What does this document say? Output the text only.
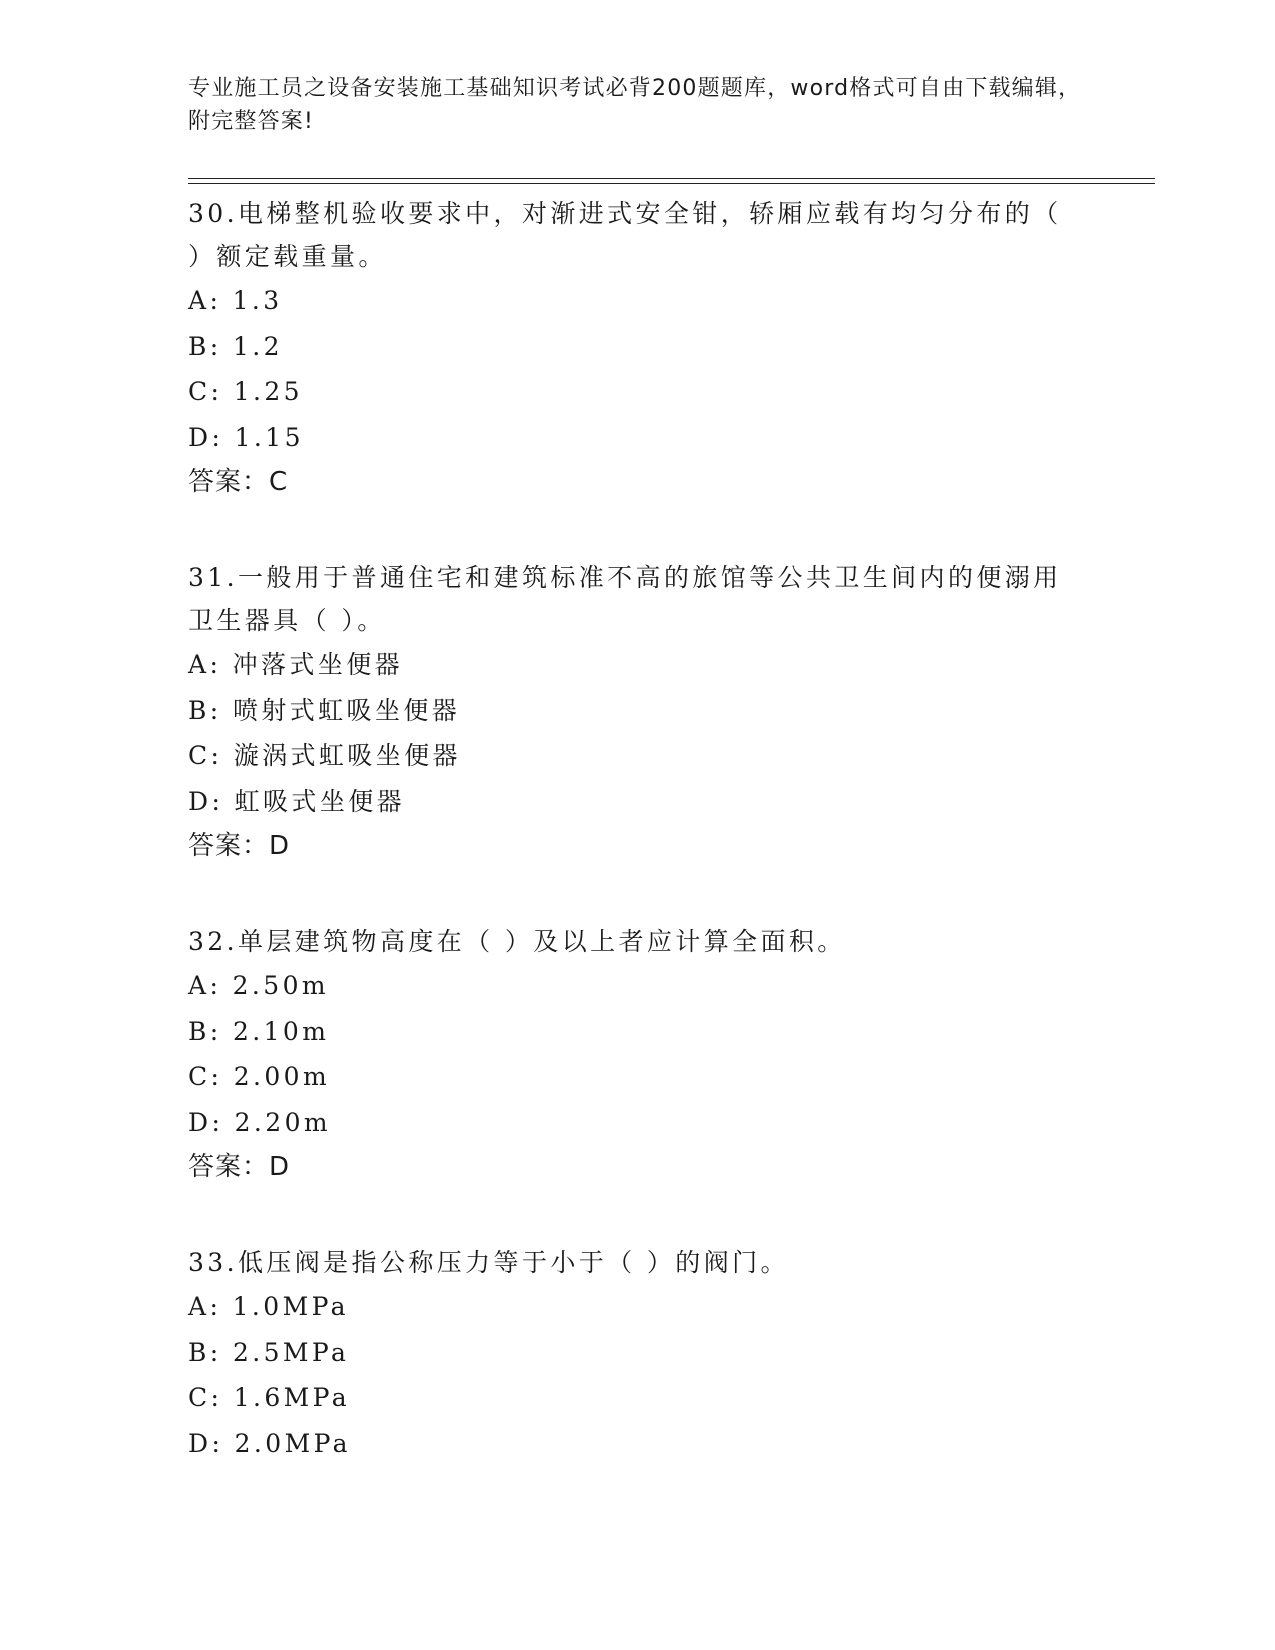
专业施工员之设备安装施工基础知识考试必背200题题库，word格式可自由下载编辑，附完整答案!

30.电梯整机验收要求中，对渐进式安全钳，轿厢应载有均匀分布的（ ）额定载重量。

A: 1.3

B: 1.2

C: 1.25

D: 1.15

答案：C

31.一般用于普通住宅和建筑标准不高的旅馆等公共卫生间内的便溺用卫生器具（ ）。

A: 冲落式坐便器

B: 喷射式虹吸坐便器

C: 漩涡式虹吸坐便器

D: 虹吸式坐便器

答案：D

32.单层建筑物高度在（ ）及以上者应计算全面积。

A: 2.50m

B: 2.10m

C: 2.00m

D: 2.20m

答案：D

33.低压阀是指公称压力等于小于（ ）的阀门。

A: 1.0MPa

B: 2.5MPa

C: 1.6MPa

D: 2.0MPa
